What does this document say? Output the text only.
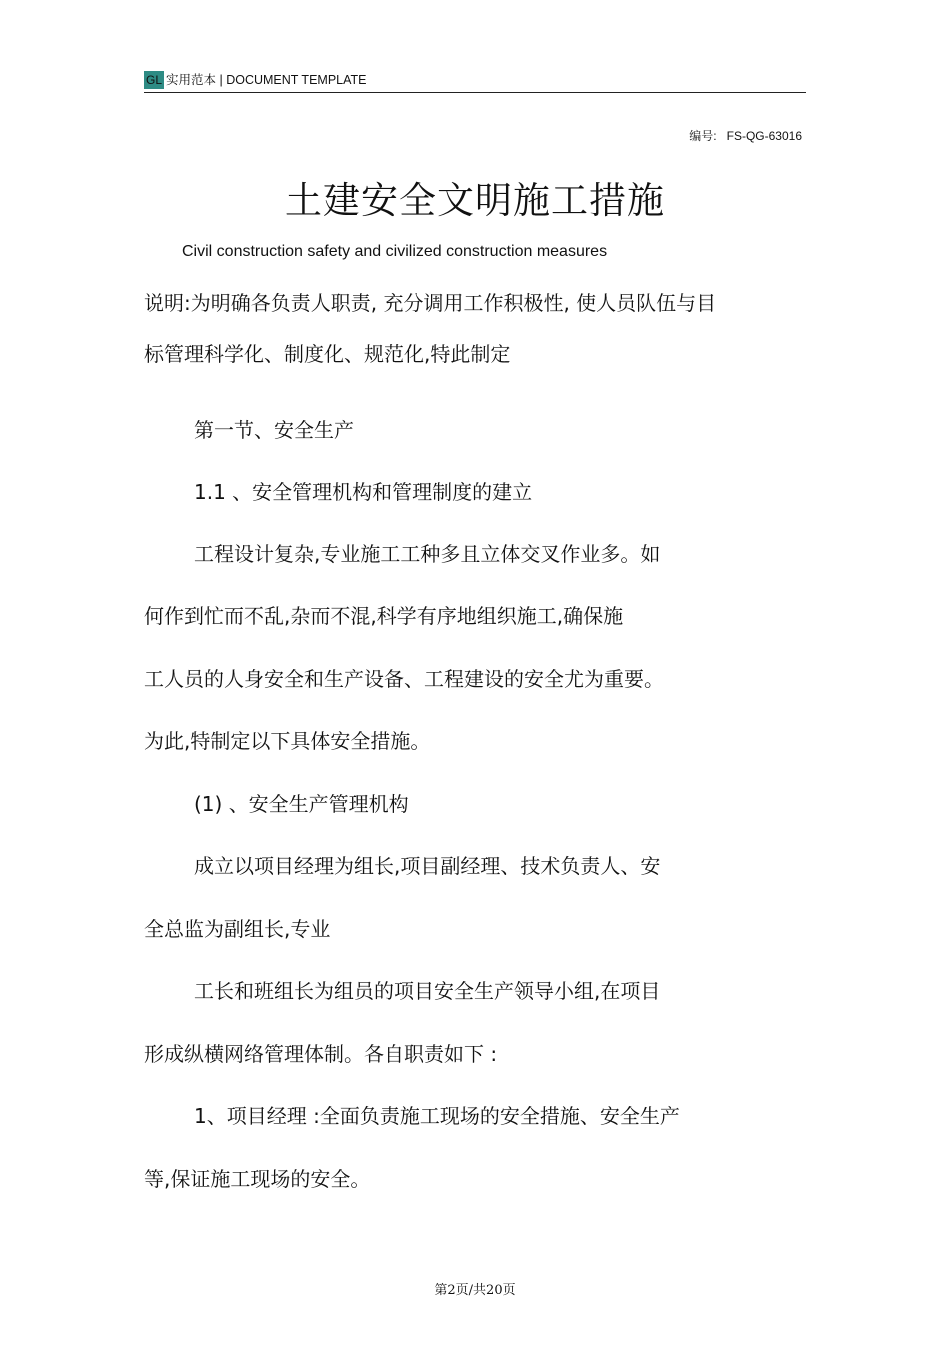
GL 实用范本 | DOCUMENT TEMPLATE
编号: FS-QG-63016
土建安全文明施工措施
Civil construction safety and civilized construction measures
说明:为明确各负责人职责, 充分调用工作积极性, 使人员队伍与目
标管理科学化、制度化、规范化,特此制定
第一节、安全生产
1.1 、安全管理机构和管理制度的建立
工程设计复杂,专业施工工种多且立体交叉作业多。如
何作到忙而不乱,杂而不混,科学有序地组织施工,确保施
工人员的人身安全和生产设备、工程建设的安全尤为重要。
为此,特制定以下具体安全措施。
(1) 、安全生产管理机构
成立以项目经理为组长,项目副经理、技术负责人、安
全总监为副组长,专业
工长和班组长为组员的项目安全生产领导小组,在项目
形成纵横网络管理体制。各自职责如下 :
1、项目经理 :全面负责施工现场的安全措施、安全生产
等,保证施工现场的安全。
第2页/共20页
